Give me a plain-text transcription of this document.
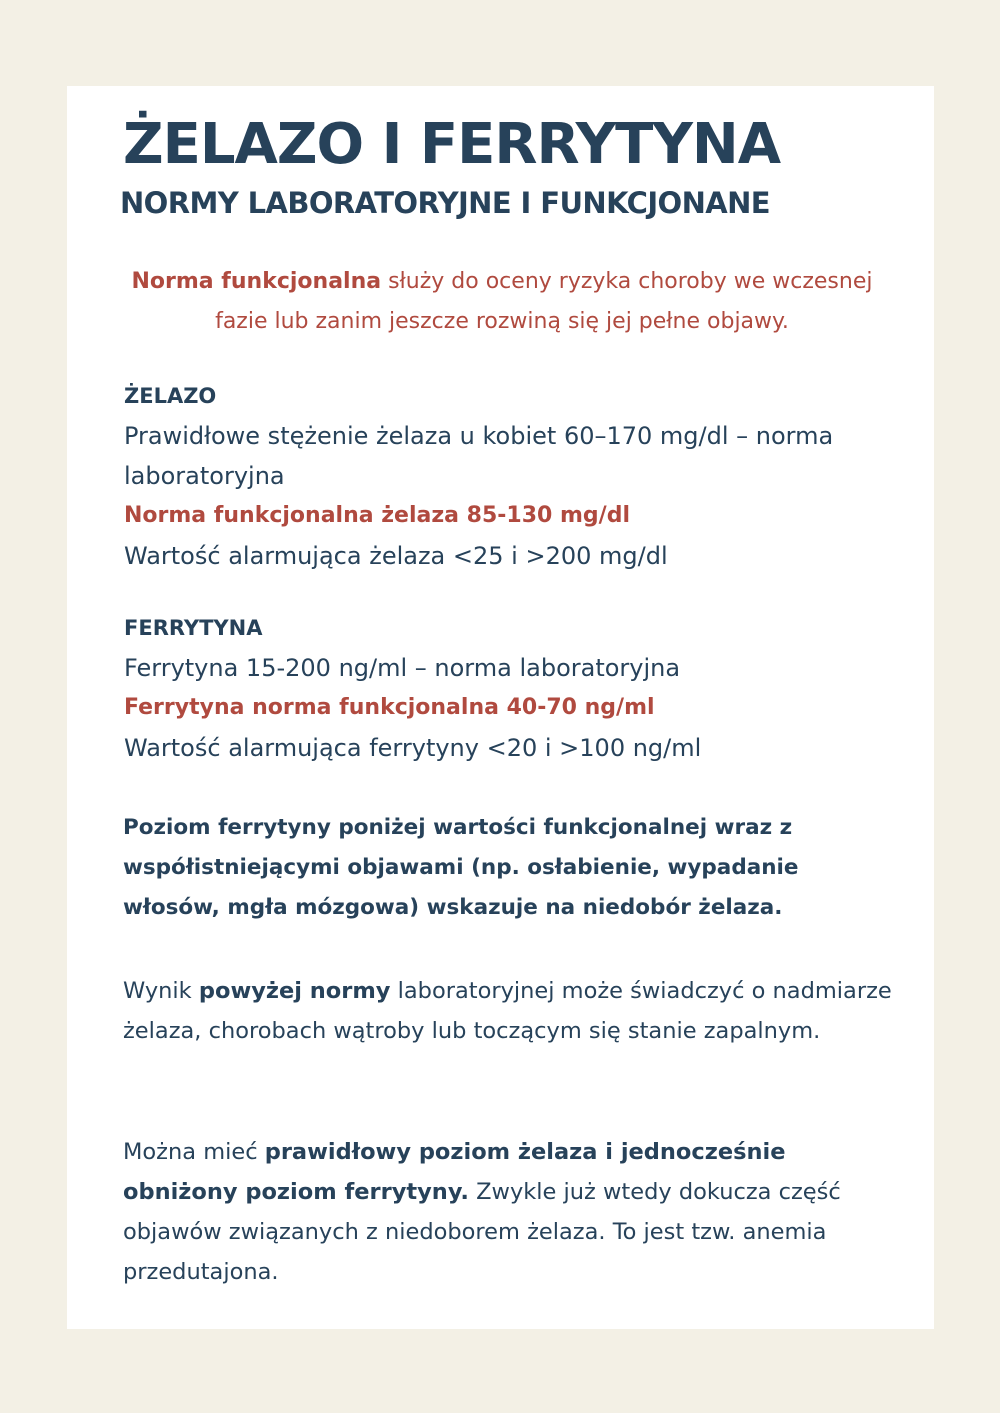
ŻELAZO I FERRYTYNA
NORMY LABORATORYJNE I FUNKCJONANE

Norma funkcjonalna służy do oceny ryzyka choroby we wczesnej fazie lub zanim jeszcze rozwiną się jej pełne objawy.

ŻELAZO
Prawidłowe stężenie żelaza u kobiet 60–170 mg/dl – norma laboratoryjna
Norma funkcjonalna żelaza 85-130 mg/dl
Wartość alarmująca żelaza <25 i >200 mg/dl
FERRYTYNA
Ferrytyna 15-200 ng/ml – norma laboratoryjna
Ferrytyna norma funkcjonalna 40-70 ng/ml
Wartość alarmująca ferrytyny <20 i >100 ng/ml

Poziom ferrytyny poniżej wartości funkcjonalnej wraz z współistniejącymi objawami (np. osłabienie, wypadanie włosów, mgła mózgowa) wskazuje na niedobór żelaza.

Wynik powyżej normy laboratoryjnej może świadczyć o nadmiarze żelaza, chorobach wątroby lub toczącym się stanie zapalnym.

Można mieć prawidłowy poziom żelaza i jednocześnie obniżony poziom ferrytyny. Zwykle już wtedy dokucza część objawów związanych z niedoborem żelaza. To jest tzw. anemia przedutajona.
